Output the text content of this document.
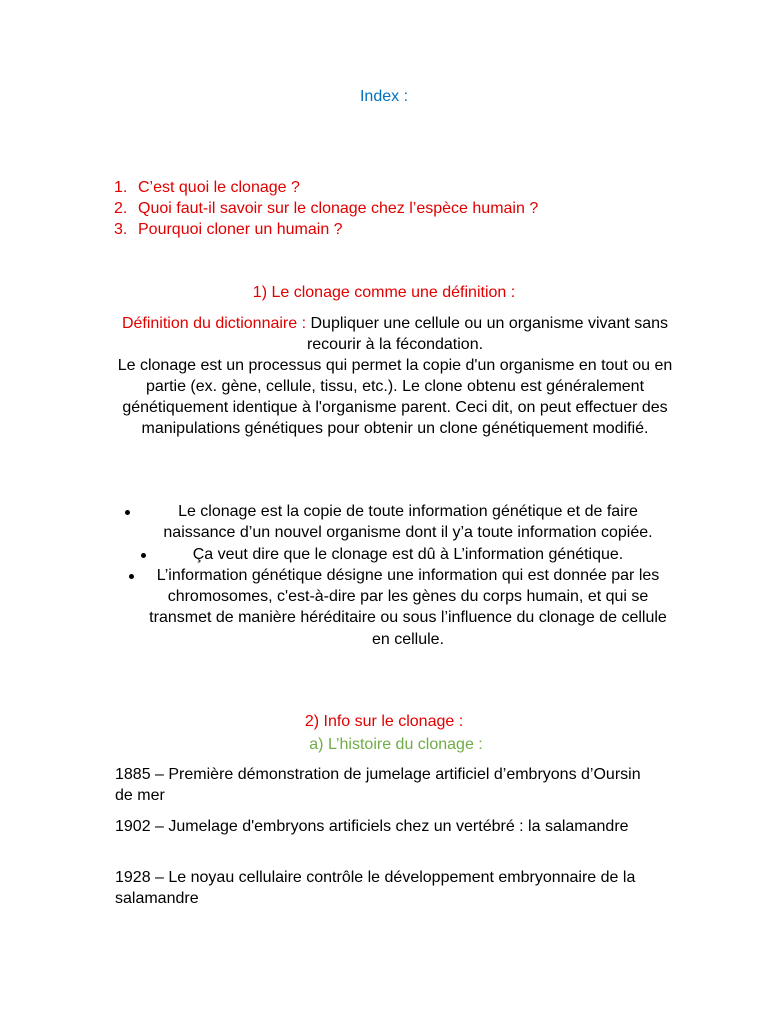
Index :
1. C’est quoi le clonage ?
2. Quoi faut-il savoir sur le clonage chez l’espèce humain ?
3. Pourquoi cloner un humain ?
1) Le clonage comme une définition :
Définition du dictionnaire : Dupliquer une cellule ou un organisme vivant sans recourir à la fécondation.
Le clonage est un processus qui permet la copie d'un organisme en tout ou en partie (ex. gène, cellule, tissu, etc.). Le clone obtenu est généralement génétiquement identique à l'organisme parent. Ceci dit, on peut effectuer des manipulations génétiques pour obtenir un clone génétiquement modifié.
Le clonage est la copie de toute information génétique et de faire naissance d’un nouvel organisme dont il y’a toute information copiée.
Ça veut dire que le clonage est dû à L’information génétique.
L’information génétique désigne une information qui est donnée par les chromosomes, c'est-à-dire par les gènes du corps humain, et qui se transmet de manière héréditaire ou sous l’influence du clonage de cellule en cellule.
2) Info sur le clonage :
a) L’histoire du clonage :
1885 – Première démonstration de jumelage artificiel d’embryons d’Oursin de mer
1902 – Jumelage d'embryons artificiels chez un vertébré : la salamandre
1928 – Le noyau cellulaire contrôle le développement embryonnaire de la salamandre
